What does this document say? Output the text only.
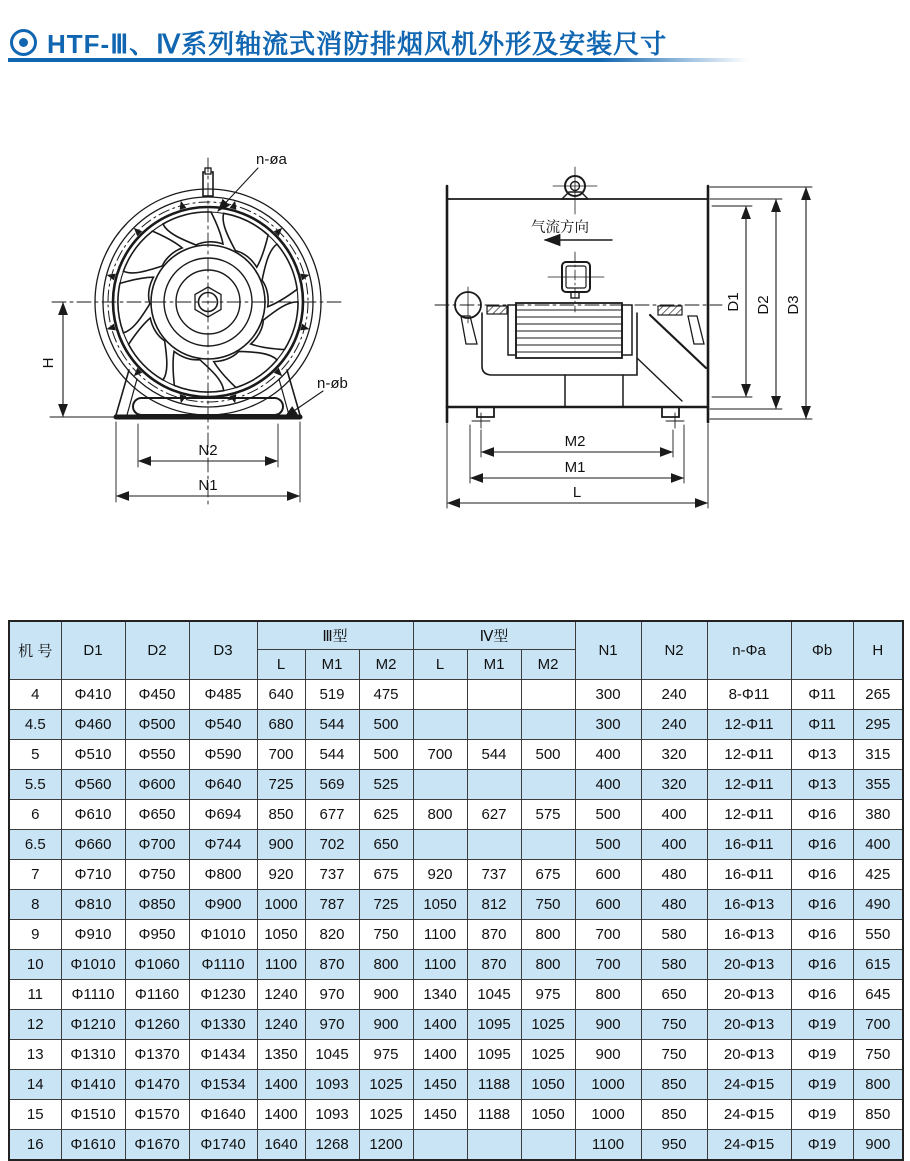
HTF-Ⅲ、Ⅳ系列轴流式消防排烟风机外形及安装尺寸
H
N2
N1
n-øa
n-øb
气流方向
D1 D2 D3
M2
M1
L
机 号	D1	D2	D3	Ⅲ型			Ⅳ型			N1	N2	n-Φa	Φb	H
				L	M1	M2	L	M1	M2					
4	Φ410	Φ450	Φ485	640	519	475				300	240	8-Φ11	Φ11	265
4.5	Φ460	Φ500	Φ540	680	544	500				300	240	12-Φ11	Φ11	295
5	Φ510	Φ550	Φ590	700	544	500	700	544	500	400	320	12-Φ11	Φ13	315
5.5	Φ560	Φ600	Φ640	725	569	525				400	320	12-Φ11	Φ13	355
6	Φ610	Φ650	Φ694	850	677	625	800	627	575	500	400	12-Φ11	Φ16	380
6.5	Φ660	Φ700	Φ744	900	702	650				500	400	16-Φ11	Φ16	400
7	Φ710	Φ750	Φ800	920	737	675	920	737	675	600	480	16-Φ11	Φ16	425
8	Φ810	Φ850	Φ900	1000	787	725	1050	812	750	600	480	16-Φ13	Φ16	490
9	Φ910	Φ950	Φ1010	1050	820	750	1100	870	800	700	580	16-Φ13	Φ16	550
10	Φ1010	Φ1060	Φ1110	1100	870	800	1100	870	800	700	580	20-Φ13	Φ16	615
11	Φ1110	Φ1160	Φ1230	1240	970	900	1340	1045	975	800	650	20-Φ13	Φ16	645
12	Φ1210	Φ1260	Φ1330	1240	970	900	1400	1095	1025	900	750	20-Φ13	Φ19	700
13	Φ1310	Φ1370	Φ1434	1350	1045	975	1400	1095	1025	900	750	20-Φ13	Φ19	750
14	Φ1410	Φ1470	Φ1534	1400	1093	1025	1450	1188	1050	1000	850	24-Φ15	Φ19	800
15	Φ1510	Φ1570	Φ1640	1400	1093	1025	1450	1188	1050	1000	850	24-Φ15	Φ19	850
16	Φ1610	Φ1670	Φ1740	1640	1268	1200				1100	950	24-Φ15	Φ19	900
